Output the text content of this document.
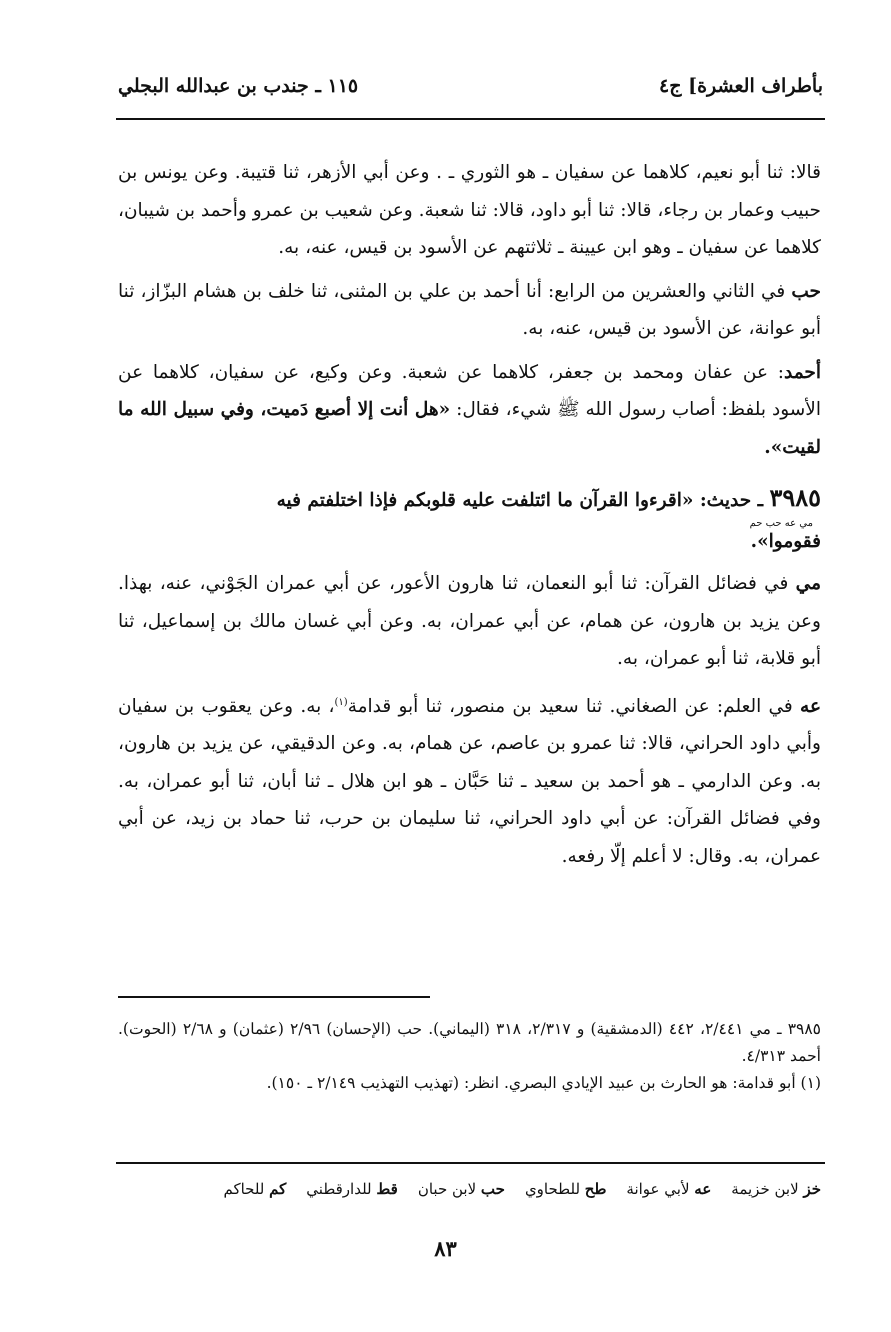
بأطراف العشرة] ج٤
١١٥ ـ جندب بن عبدالله البجلي

قالا: ثنا أبو نعيم، كلاهما عن سفيان ـ هو الثوري ـ . وعن أبي الأزهر، ثنا قتيبة. وعن يونس بن حبيب وعمار بن رجاء، قالا: ثنا أبو داود، قالا: ثنا شعبة. وعن شعيب بن عمرو وأحمد بن شيبان، كلاهما عن سفيان ـ وهو ابن عيينة ـ ثلاثتهم عن الأسود بن قيس، عنه، به.

حب في الثاني والعشرين من الرابع: أنا أحمد بن علي بن المثنى، ثنا خلف بن هشام البزّاز، ثنا أبو عوانة، عن الأسود بن قيس، عنه، به.

أحمد: عن عفان ومحمد بن جعفر، كلاهما عن شعبة. وعن وكيع، عن سفيان، كلاهما عن الأسود بلفظ: أصاب رسول الله ﷺ شيء، فقال: «هل أنت إلا أصبع دَميت، وفي سبيل الله ما لقيت».

٣٩٨٥ ـ حديث: «اقرءوا القرآن ما ائتلفت عليه قلوبكم فإذا اختلفتم فيه
مي عه حب حم

فقوموا».

مي في فضائل القرآن: ثنا أبو النعمان، ثنا هارون الأعور، عن أبي عمران الجَوْني، عنه، بهذا. وعن يزيد بن هارون، عن همام، عن أبي عمران، به. وعن أبي غسان مالك بن إسماعيل، ثنا أبو قلابة، ثنا أبو عمران، به.

عه في العلم: عن الصغاني. ثنا سعيد بن منصور، ثنا أبو قدامة$^{(١)}$، به. وعن يعقوب بن سفيان وأبي داود الحراني، قالا: ثنا عمرو بن عاصم، عن همام، به. وعن الدقيقي، عن يزيد بن هارون، به. وعن الدارمي ـ هو أحمد بن سعيد ـ ثنا حَبَّان ـ هو ابن هلال ـ ثنا أبان، ثنا أبو عمران، به. وفي فضائل القرآن: عن أبي داود الحراني، ثنا سليمان بن حرب، ثنا حماد بن زيد، عن أبي عمران، به. وقال: لا أعلم إلّا رفعه.

٣٩٨٥ ـ مي ٢/٤٤١، ٤٤٢ (الدمشقية) و ٢/٣١٧، ٣١٨ (اليماني). حب (الإحسان) ٢/٩٦ (عثمان) و ٢/٦٨ (الحوت). أحمد ٤/٣١٣.

(١) أبو قدامة: هو الحارث بن عبيد الإيادي البصري. انظر: (تهذيب التهذيب ٢/١٤٩ ـ ١٥٠).

خز لابن خزيمة
عه لأبي عوانة
طح للطحاوي
حب لابن حبان
قط للدارقطني
كم للحاكم
٨٣
